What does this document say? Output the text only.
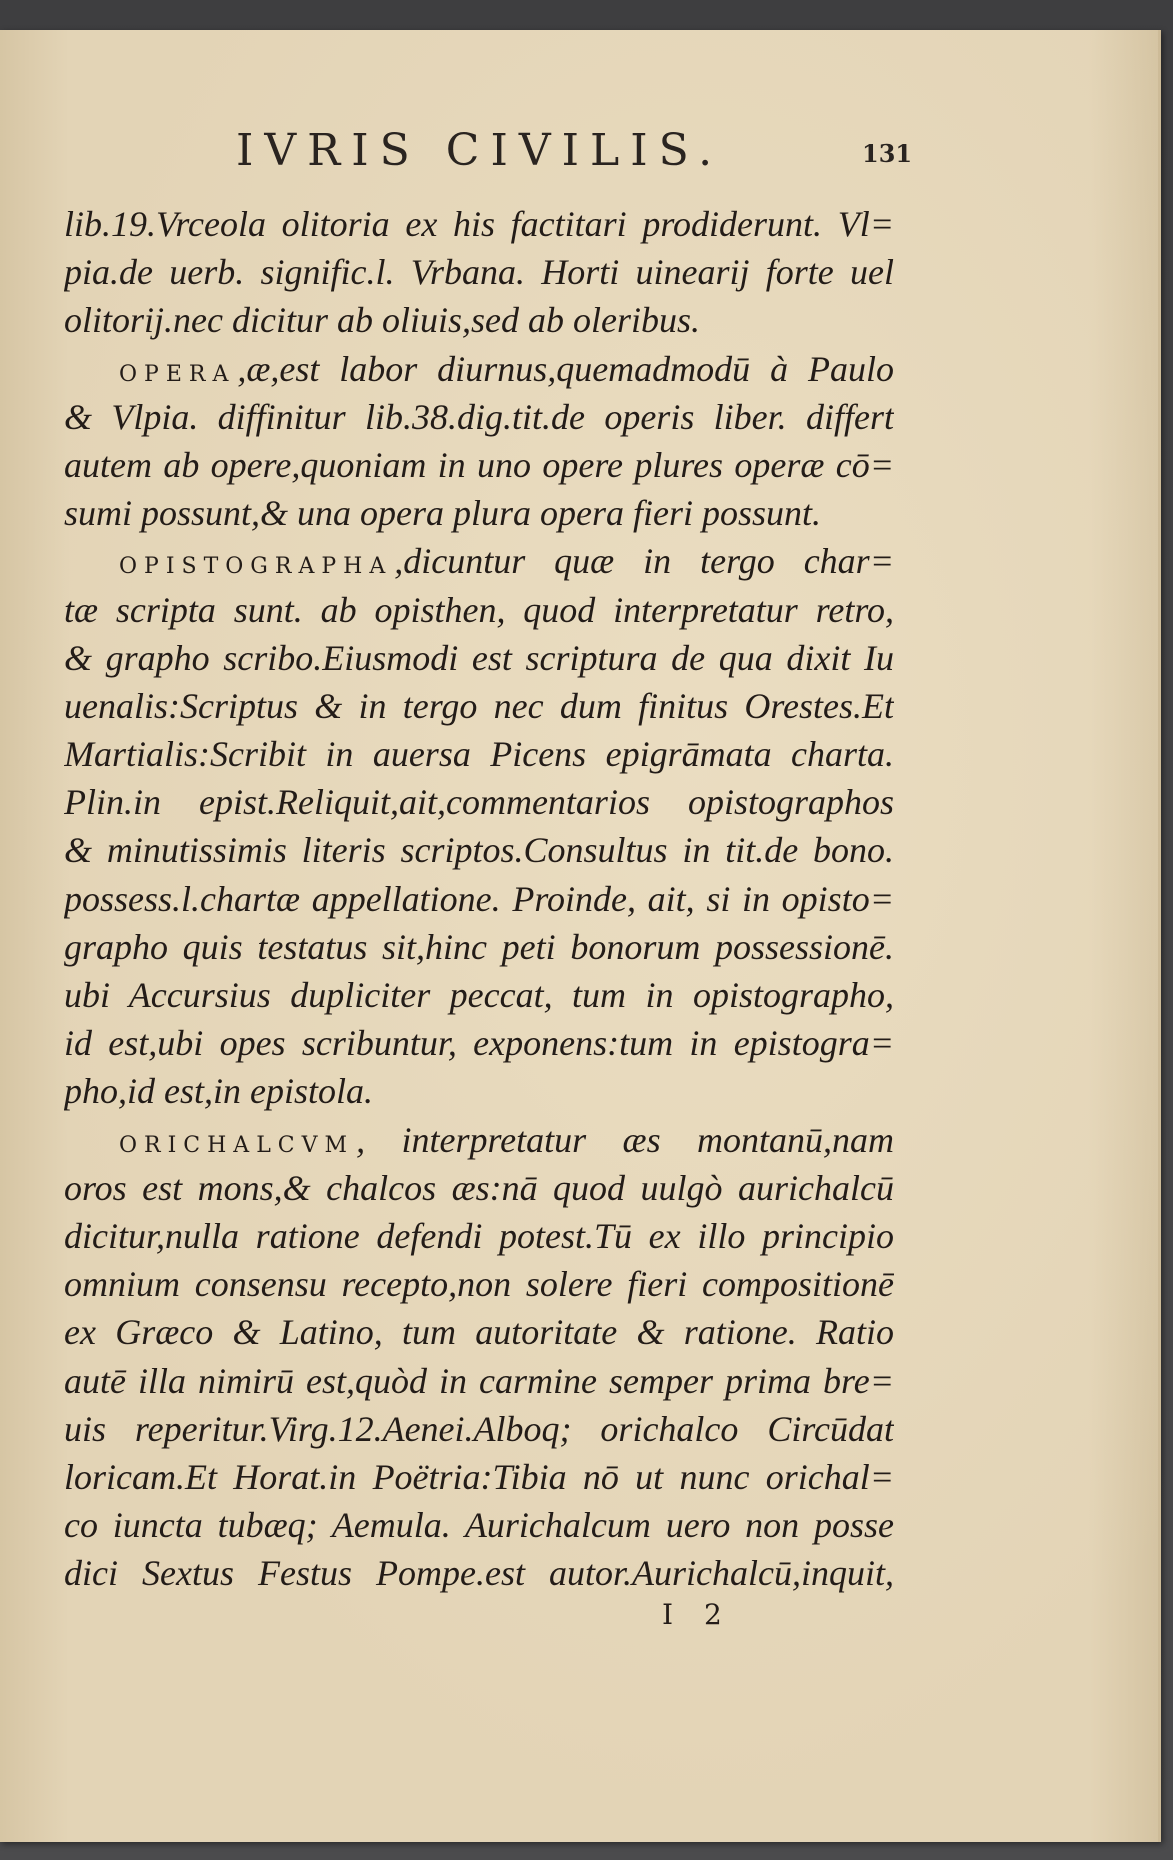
IVRIS CIVILIS.	131
lib.19.Vrceola olitoria ex his factitari prodiderunt. Vl=
pia.de uerb. signific.l. Vrbana. Horti uinearij forte uel
olitorij.nec dicitur ab oliuis,sed ab oleribus.
OPERA,æ,est labor diurnus,quemadmodū à Paulo
& Vlpia. diffinitur lib.38.dig.tit.de operis liber. differt
autem ab opere,quoniam in uno opere plures operæ cō=
sumi possunt,& una opera plura opera fieri possunt.
OPISTOGRAPHA,dicuntur quæ in tergo char=
tæ scripta sunt. ab opisthen, quod interpretatur retro,
& grapho scribo.Eiusmodi est scriptura de qua dixit Iu
uenalis:Scriptus & in tergo nec dum finitus Orestes.Et
Martialis:Scribit in auersa Picens epigrāmata charta.
Plin.in epist.Reliquit,ait,commentarios opistographos
& minutissimis literis scriptos.Consultus in tit.de bono.
possess.l.chartæ appellatione. Proinde, ait, si in opisto=
grapho quis testatus sit,hinc peti bonorum possessionē.
ubi Accursius dupliciter peccat, tum in opistographo,
id est,ubi opes scribuntur, exponens:tum in epistogra=
pho,id est,in epistola.
ORICHALCVM, interpretatur æs montanū,nam
oros est mons,& chalcos æs:nā quod uulgò aurichalcū
dicitur,nulla ratione defendi potest.Tū ex illo principio
omnium consensu recepto,non solere fieri compositionē
ex Græco & Latino, tum autoritate & ratione. Ratio
autē illa nimirū est,quòd in carmine semper prima bre=
uis reperitur.Virg.12.Aenei.Alboq; orichalco Circūdat
loricam.Et Horat.in Poëtria:Tibia nō ut nunc orichal=
co iuncta tubæq; Aemula. Aurichalcum uero non posse
dici Sextus Festus Pompe.est autor.Aurichalcū,inquit,
I 2
